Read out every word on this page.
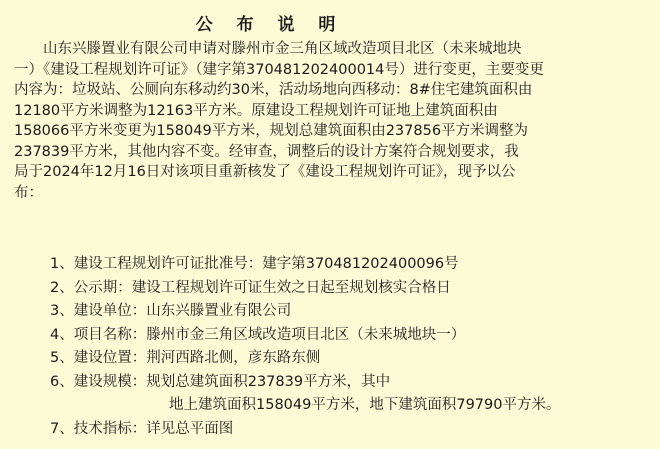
公 布 说 明
　　山东兴滕置业有限公司申请对滕州市金三角区域改造项目北区（未来城地块
一）《建设工程规划许可证》（建字第370481202400014号）进行变更，主要变更
内容为：垃圾站、公厕向东移动约30米，活动场地向西移动：8#住宅建筑面积由
12180平方米调整为12163平方米。原建设工程规划许可证地上建筑面积由
158066平方米变更为158049平方米，规划总建筑面积由237856平方米调整为
237839平方米，其他内容不变。经审查，调整后的设计方案符合规划要求，我
局于2024年12月16日对该项目重新核发了《建设工程规划许可证》，现予以公
布：
1、建设工程规划许可证批准号：建字第370481202400096号
2、公示期：建设工程规划许可证生效之日起至规划核实合格日
3、建设单位：山东兴滕置业有限公司
4、项目名称：滕州市金三角区域改造项目北区（未来城地块一）
5、建设位置：荆河西路北侧，彦东路东侧
6、建设规模：规划总建筑面积237839平方米，其中
地上建筑面积158049平方米，地下建筑面积79790平方米。
7、技术指标：详见总平面图
